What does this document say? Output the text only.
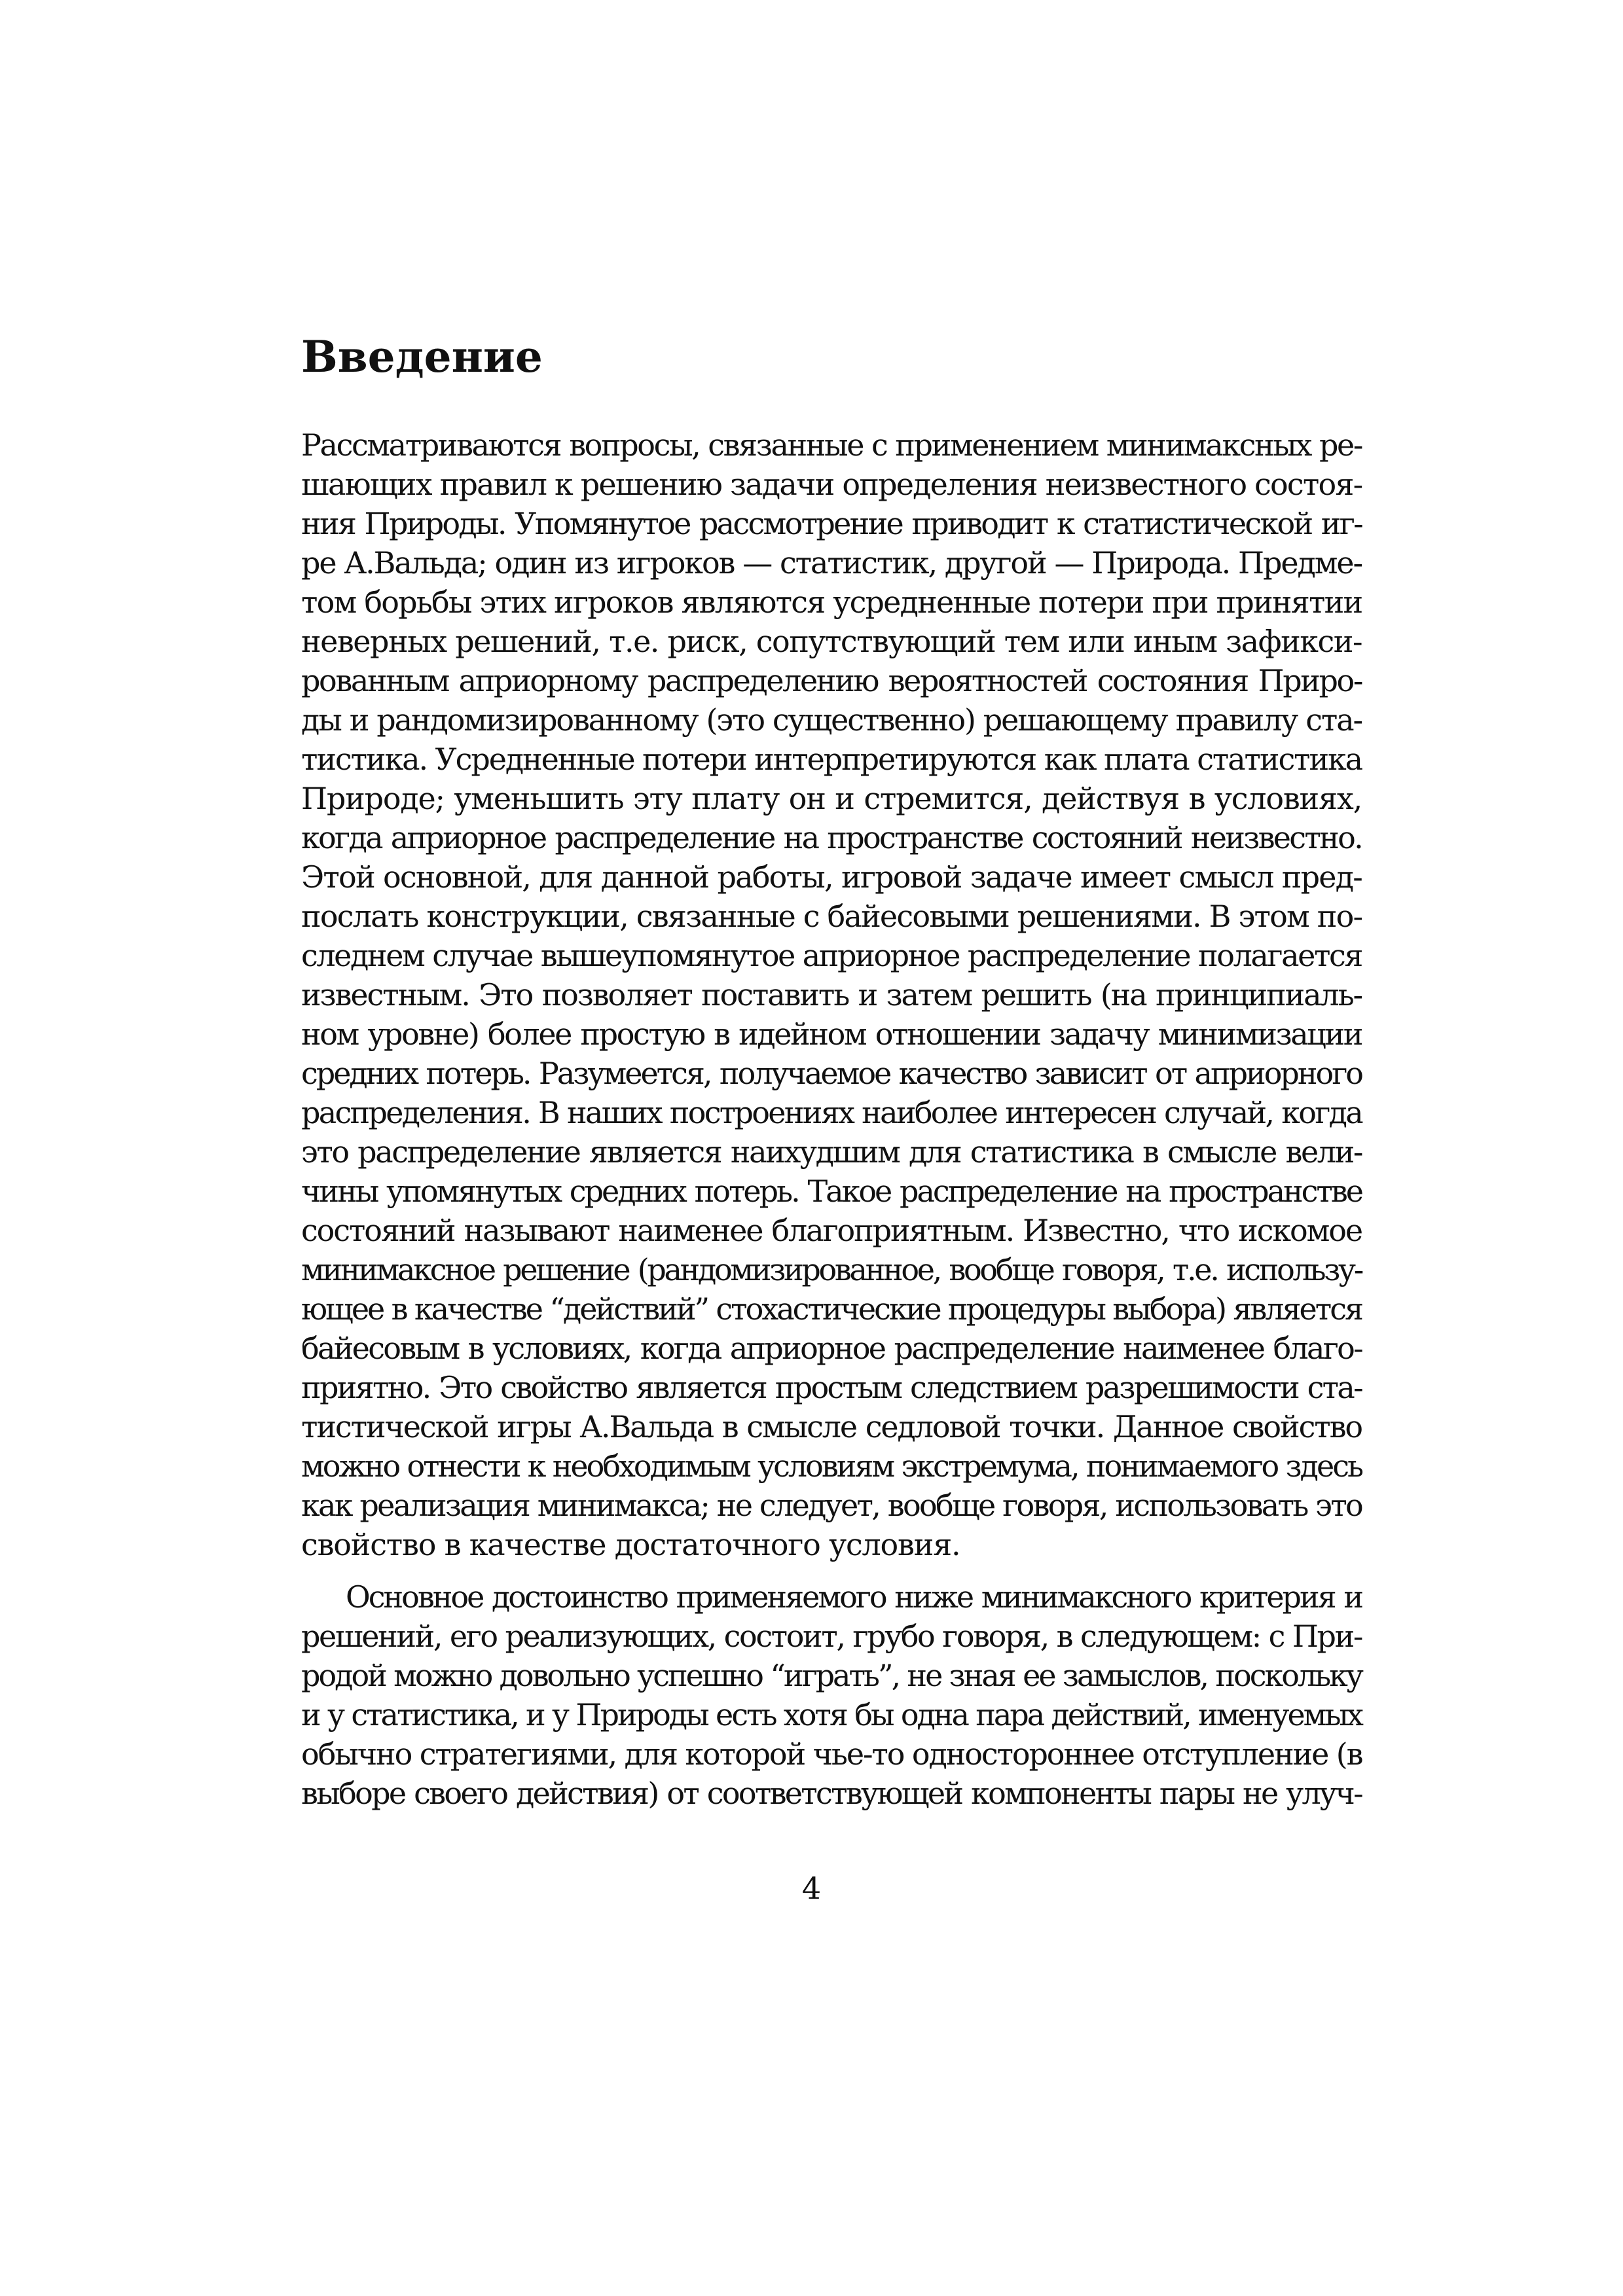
Введение
Рассматриваются вопросы, связанные с применением минимаксных ре-
шающих правил к решению задачи определения неизвестного состоя-
ния Природы. Упомянутое рассмотрение приводит к статистической иг-
ре А.Вальда; один из игроков — статистик, другой — Природа. Предме-
том борьбы этих игроков являются усредненные потери при принятии
неверных решений, т.е. риск, сопутствующий тем или иным зафикси-
рованным априорному распределению вероятностей состояния Приро-
ды и рандомизированному (это существенно) решающему правилу ста-
тистика. Усредненные потери интерпретируются как плата статистика
Природе; уменьшить эту плату он и стремится, действуя в условиях,
когда априорное распределение на пространстве состояний неизвестно.
Этой основной, для данной работы, игровой задаче имеет смысл пред-
послать конструкции, связанные с байесовыми решениями. В этом по-
следнем случае вышеупомянутое априорное распределение полагается
известным. Это позволяет поставить и затем решить (на принципиаль-
ном уровне) более простую в идейном отношении задачу минимизации
средних потерь. Разумеется, получаемое качество зависит от априорного
распределения. В наших построениях наиболее интересен случай, когда
это распределение является наихудшим для статистика в смысле вели-
чины упомянутых средних потерь. Такое распределение на пространстве
состояний называют наименее благоприятным. Известно, что искомое
минимаксное решение (рандомизированное, вообще говоря, т.е. использу-
ющее в качестве “действий” стохастические процедуры выбора) является
байесовым в условиях, когда априорное распределение наименее благо-
приятно. Это свойство является простым следствием разрешимости ста-
тистической игры А.Вальда в смысле седловой точки. Данное свойство
можно отнести к необходимым условиям экстремума, понимаемого здесь
как реализация минимакса; не следует, вообще говоря, использовать это
свойство в качестве достаточного условия.
Основное достоинство применяемого ниже минимаксного критерия и
решений, его реализующих, состоит, грубо говоря, в следующем: с При-
родой можно довольно успешно “играть”, не зная ее замыслов, поскольку
и у статистика, и у Природы есть хотя бы одна пара действий, именуемых
обычно стратегиями, для которой чье-то одностороннее отступление (в
выборе своего действия) от соответствующей компоненты пары не улуч-
4
